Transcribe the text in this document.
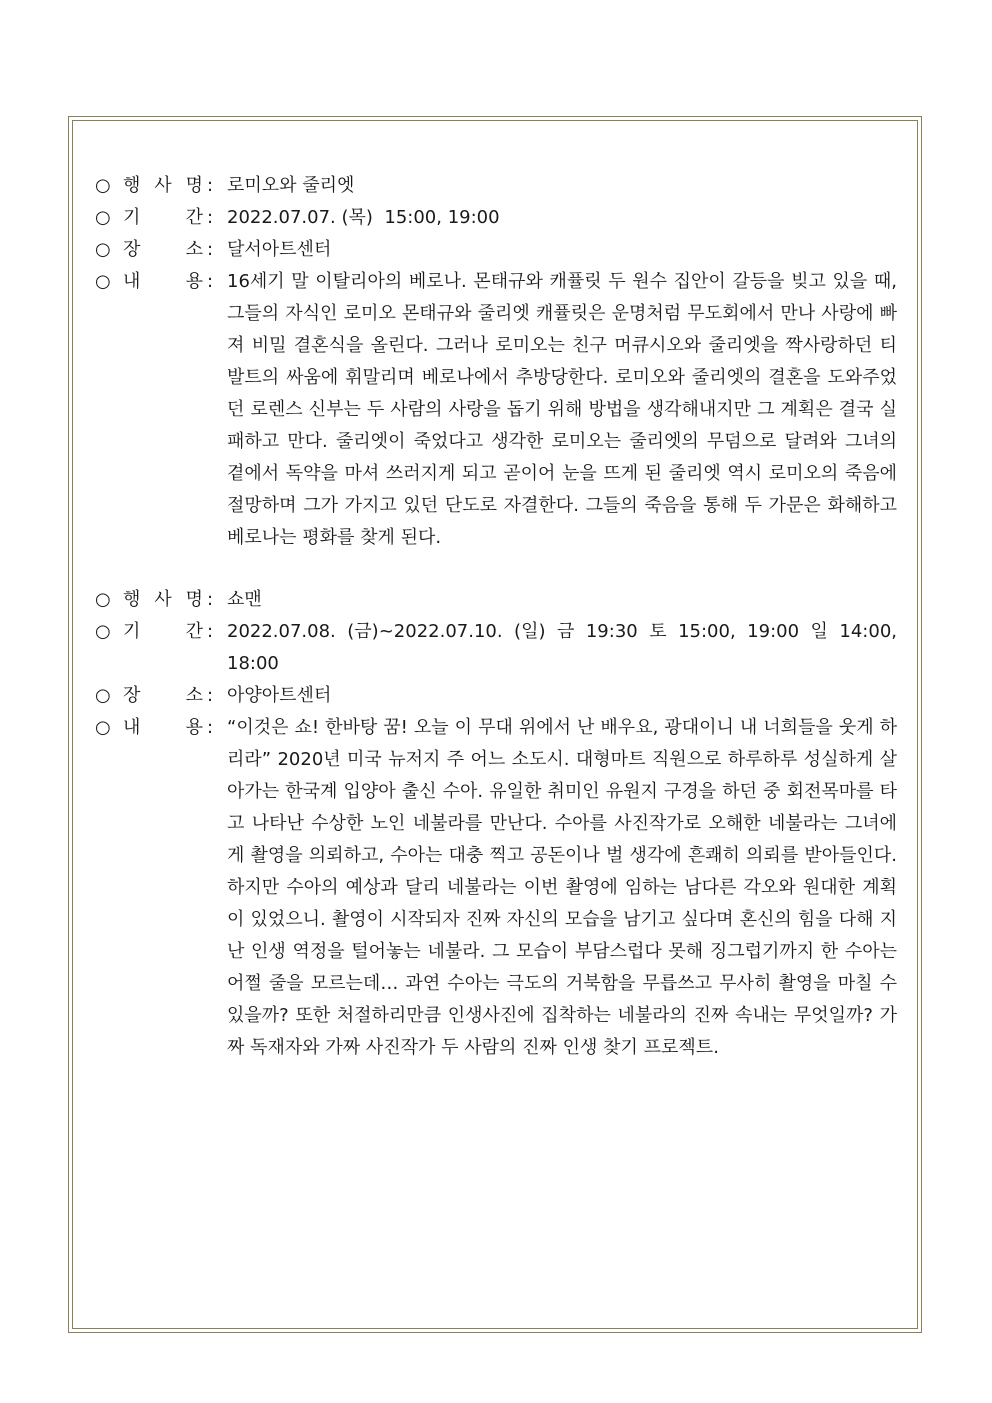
○ 행 사 명 : 로미오와 줄리엣
○ 기	간 : 2022.07.07. (목)  15:00, 19:00
○ 장	소 : 달서아트센터
○ 내	용 : 16세기 말 이탈리아의 베로나. 몬태규와 캐퓰릿 두 원수 집안이 갈등을 빚고 있을 때, 그들의 자식인 로미오 몬태규와 줄리엣 캐퓰릿은 운명처럼 무도회에서 만나 사랑에 빠져 비밀 결혼식을 올린다. 그러나 로미오는 친구 머큐시오와 줄리엣을 짝사랑하던 티발트의 싸움에 휘말리며 베로나에서 추방당한다. 로미오와 줄리엣의 결혼을 도와주었던 로렌스 신부는 두 사람의 사랑을 돕기 위해 방법을 생각해내지만 그 계획은 결국 실패하고 만다. 줄리엣이 죽었다고 생각한 로미오는 줄리엣의 무덤으로 달려와 그녀의 곁에서 독약을 마셔 쓰러지게 되고 곧이어 눈을 뜨게 된 줄리엣 역시 로미오의 죽음에 절망하며 그가 가지고 있던 단도로 자결한다. 그들의 죽음을 통해 두 가문은 화해하고 베로나는 평화를 찾게 된다.
○ 행 사 명 : 쇼맨
○ 기	간 : 2022.07.08. (금)~2022.07.10. (일) 금 19:30 토 15:00, 19:00 일 14:00, 18:00
○ 장	소 : 아양아트센터
○ 내	용 : “이것은 쇼! 한바탕 꿈! 오늘 이 무대 위에서 난 배우요, 광대이니 내 너희들을 웃게 하리라” 2020년 미국 뉴저지 주 어느 소도시. 대형마트 직원으로 하루하루 성실하게 살아가는 한국계 입양아 출신 수아. 유일한 취미인 유원지 구경을 하던 중 회전목마를 타고 나타난 수상한 노인 네불라를 만난다. 수아를 사진작가로 오해한 네불라는 그녀에게 촬영을 의뢰하고, 수아는 대충 찍고 공돈이나 벌 생각에 흔쾌히 의뢰를 받아들인다. 하지만 수아의 예상과 달리 네불라는 이번 촬영에 임하는 남다른 각오와 원대한 계획이 있었으니. 촬영이 시작되자 진짜 자신의 모습을 남기고 싶다며 혼신의 힘을 다해 지난 인생 역정을 털어놓는 네불라. 그 모습이 부담스럽다 못해 징그럽기까지 한 수아는 어쩔 줄을 모르는데… 과연 수아는 극도의 거북함을 무릅쓰고 무사히 촬영을 마칠 수 있을까? 또한 처절하리만큼 인생사진에 집착하는 네불라의 진짜 속내는 무엇일까? 가짜 독재자와 가짜 사진작가 두 사람의 진짜 인생 찾기 프로젝트.
